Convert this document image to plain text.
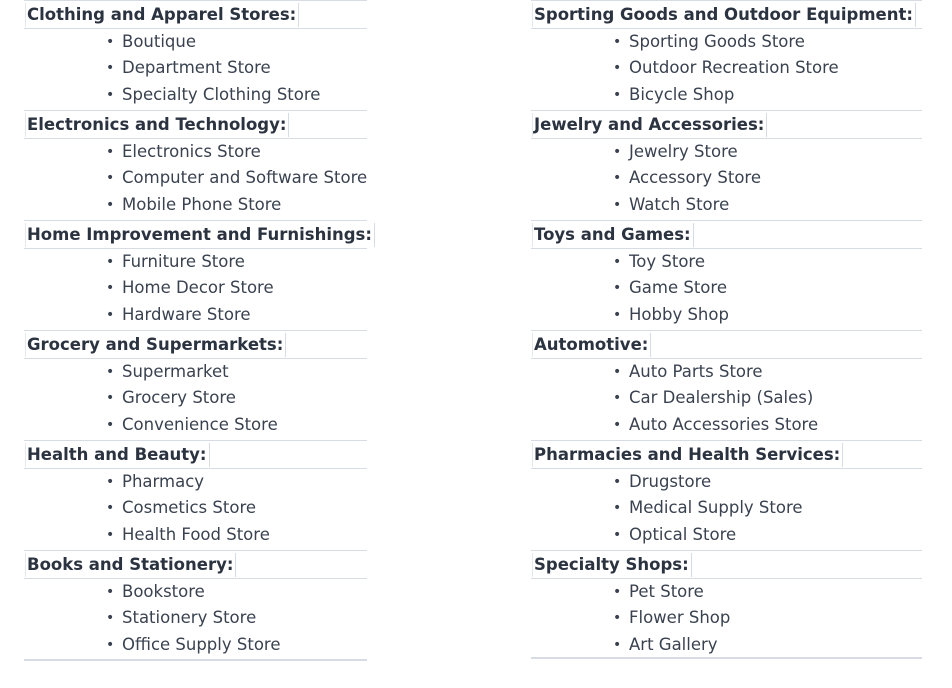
Clothing and Apparel Stores:
• Boutique
• Department Store
• Specialty Clothing Store
Electronics and Technology:
• Electronics Store
• Computer and Software Store
• Mobile Phone Store
Home Improvement and Furnishings:
• Furniture Store
• Home Decor Store
• Hardware Store
Grocery and Supermarkets:
• Supermarket
• Grocery Store
• Convenience Store
Health and Beauty:
• Pharmacy
• Cosmetics Store
• Health Food Store
Books and Stationery:
• Bookstore
• Stationery Store
• Office Supply Store
Sporting Goods and Outdoor Equipment:
• Sporting Goods Store
• Outdoor Recreation Store
• Bicycle Shop
Jewelry and Accessories:
• Jewelry Store
• Accessory Store
• Watch Store
Toys and Games:
• Toy Store
• Game Store
• Hobby Shop
Automotive:
• Auto Parts Store
• Car Dealership (Sales)
• Auto Accessories Store
Pharmacies and Health Services:
• Drugstore
• Medical Supply Store
• Optical Store
Specialty Shops:
• Pet Store
• Flower Shop
• Art Gallery
